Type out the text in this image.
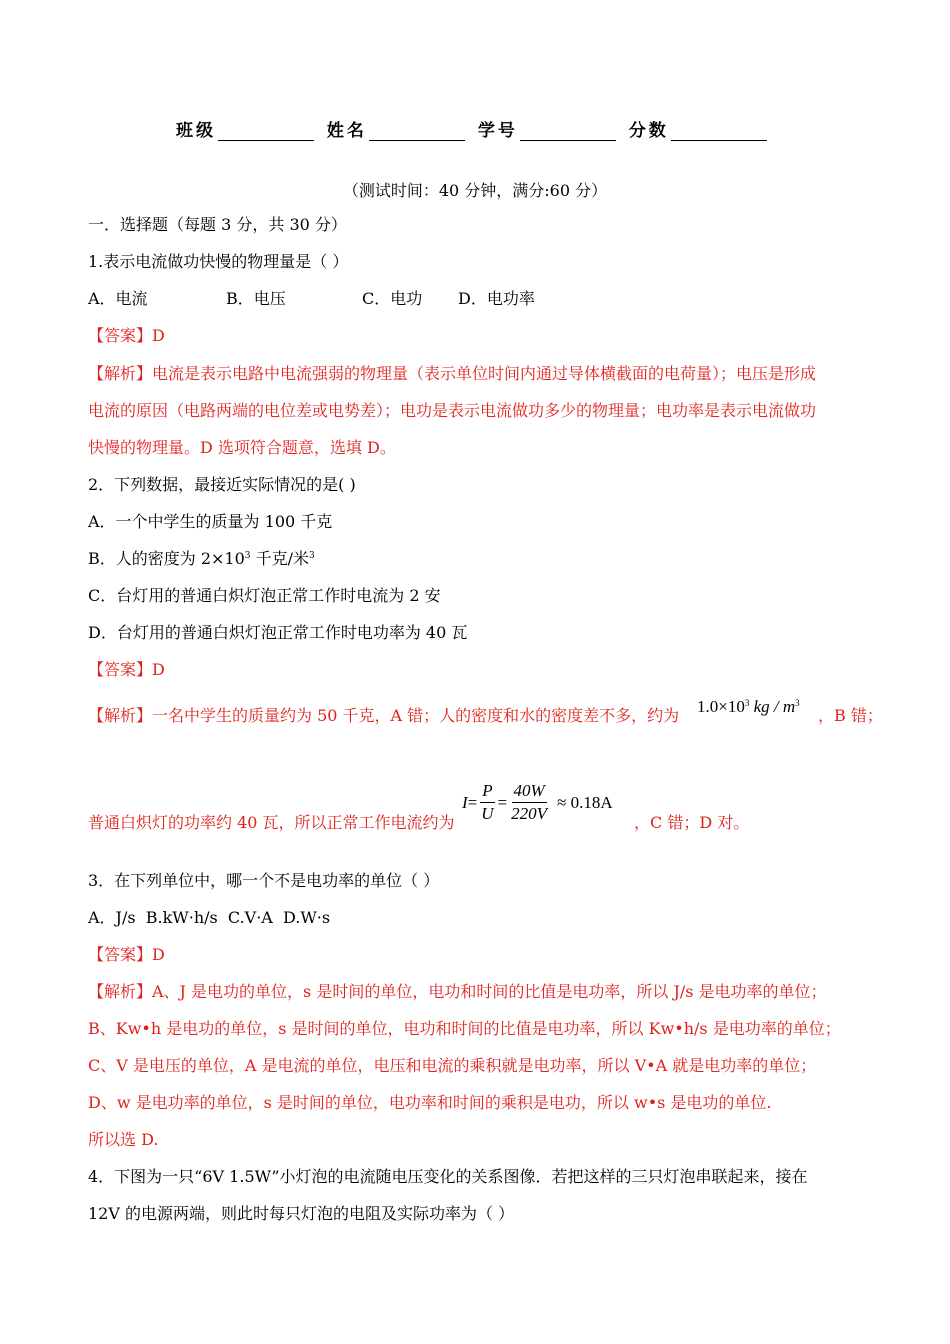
班级	姓名	学号	分数
（测试时间：40 分钟，满分:60 分）
一．选择题（每题 3 分，共 30 分）
1.表示电流做功快慢的物理量是（ ）
A．电流	B．电压	C．电功 D．电功率
【答案】D
【解析】电流是表示电路中电流强弱的物理量（表示单位时间内通过导体横截面的电荷量）；电压是形成
电流的原因（电路两端的电位差或电势差）；电功是表示电流做功多少的物理量；电功率是表示电流做功
快慢的物理量。D 选项符合题意，选填 D。
2．下列数据，最接近实际情况的是( )
A．一个中学生的质量为 100 千克
B．人的密度为 $2\times 10^3$ 千克/米$^3$
C．台灯用的普通白炽灯泡正常工作时电流为 2 安
D．台灯用的普通白炽灯泡正常工作时电功率为 40 瓦
【答案】D
【解析】一名中学生的质量约为 50 千克，A 错；人的密度和水的密度差不多，约为 $1.0\times 10^3$ kg / $m^3$
，B 错；
普通白炽灯的功率约 40 瓦，所以正常工作电流约为
$I = \frac{P}{U} = \frac{40W}{220V} \approx 0.18A$
，C 错；D 对。
3．在下列单位中，哪一个不是电功率的单位（ ）
A．J/s  B.kW·h/s  C.V·A  D.W·s
【答案】D
【解析】A、J 是电功的单位，s 是时间的单位，电功和时间的比值是电功率，所以 J/s 是电功率的单位；
B、Kw•h 是电功的单位，s 是时间的单位，电功和时间的比值是电功率，所以 Kw•h/s 是电功率的单位；
C、V 是电压的单位，A 是电流的单位，电压和电流的乘积就是电功率，所以 V•A 就是电功率的单位；
D、w 是电功率的单位，s 是时间的单位，电功率和时间的乘积是电功，所以 w•s 是电功的单位.
所以选 D.
4．下图为一只“6V 1.5W”小灯泡的电流随电压变化的关系图像．若把这样的三只灯泡串联起来，接在
12V 的电源两端，则此时每只灯泡的电阻及实际功率为（ ）
